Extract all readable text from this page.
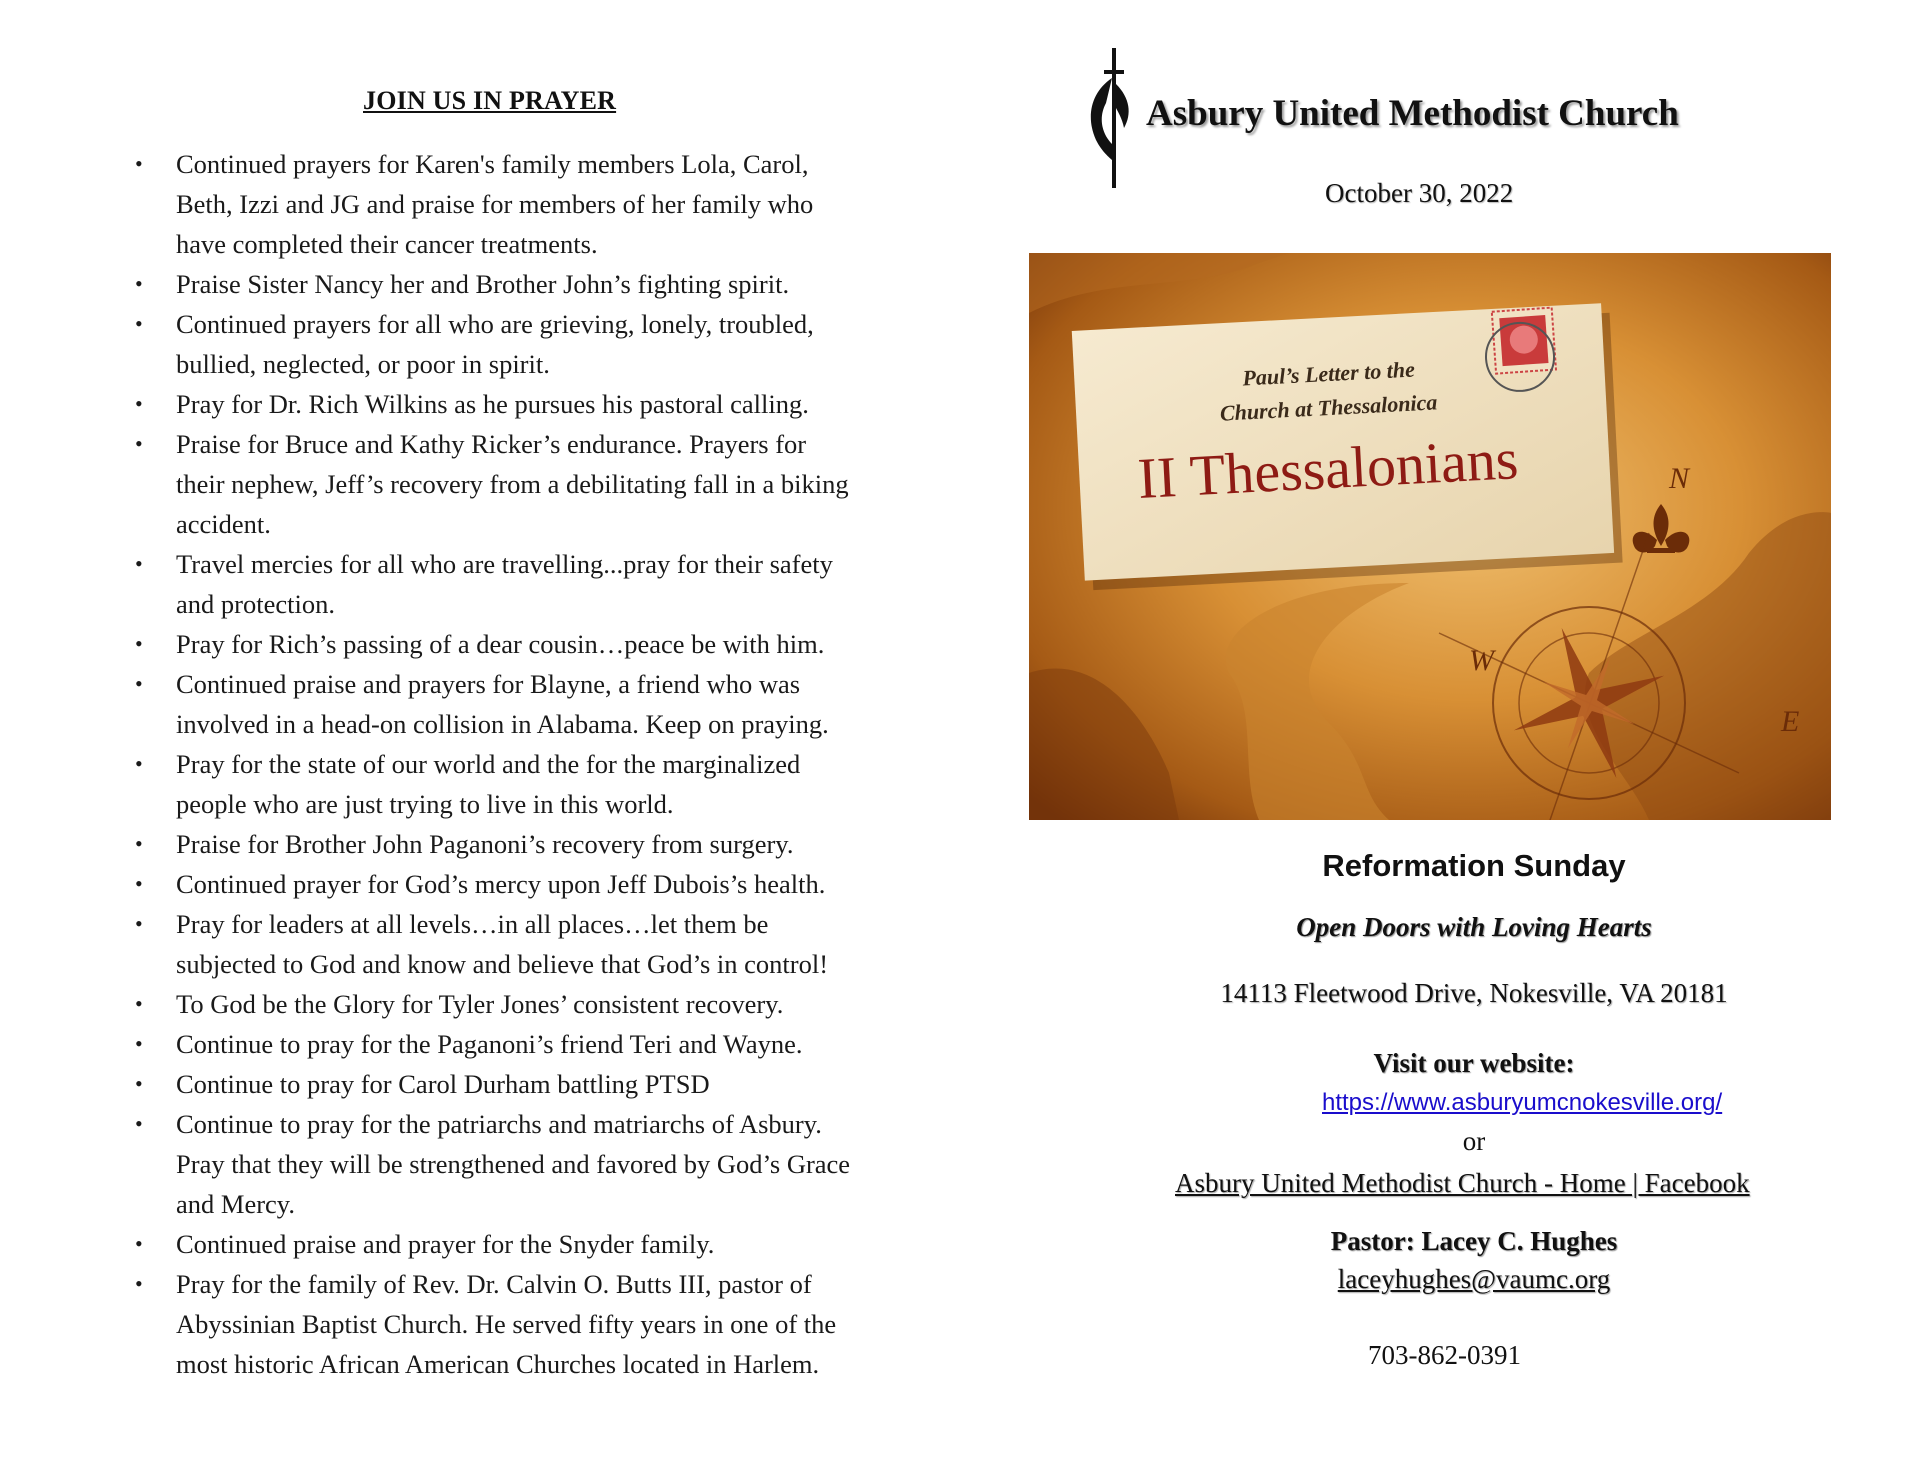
JOIN US IN PRAYER
• Continued prayers for Karen's family members Lola, Carol,
Beth, Izzi and JG and praise for members of her family who
have completed their cancer treatments.
• Praise Sister Nancy her and Brother John’s fighting spirit.
• Continued prayers for all who are grieving, lonely, troubled,
bullied, neglected, or poor in spirit.
• Pray for Dr. Rich Wilkins as he pursues his pastoral calling.
• Praise for Bruce and Kathy Ricker’s endurance. Prayers for
their nephew, Jeff’s recovery from a debilitating fall in a biking
accident.
• Travel mercies for all who are travelling...pray for their safety
and protection.
• Pray for Rich’s passing of a dear cousin…peace be with him.
• Continued praise and prayers for Blayne, a friend who was
involved in a head-on collision in Alabama. Keep on praying.
• Pray for the state of our world and the for the marginalized
people who are just trying to live in this world.
• Praise for Brother John Paganoni’s recovery from surgery.
• Continued prayer for God’s mercy upon Jeff Dubois’s health.
• Pray for leaders at all levels…in all places…let them be
subjected to God and know and believe that God’s in control!
• To God be the Glory for Tyler Jones’ consistent recovery.
• Continue to pray for the Paganoni’s friend Teri and Wayne.
• Continue to pray for Carol Durham battling PTSD
• Continue to pray for the patriarchs and matriarchs of Asbury.
Pray that they will be strengthened and favored by God’s Grace
and Mercy.
• Continued praise and prayer for the Snyder family.
• Pray for the family of Rev. Dr. Calvin O. Butts III, pastor of
Abyssinian Baptist Church. He served fifty years in one of the
most historic African American Churches located in Harlem.
Asbury United Methodist Church
October 30, 2022
Paul’s Letter to the
Church at Thessalonica
II Thessalonians	N
W
E
Reformation Sunday
Open Doors with Loving Hearts
14113 Fleetwood Drive, Nokesville, VA 20181
Visit our website:
https://www.asburyumcnokesville.org/
or
Asbury United Methodist Church - Home | Facebook
Pastor: Lacey C. Hughes
laceyhughes@vaumc.org
703-862-0391
